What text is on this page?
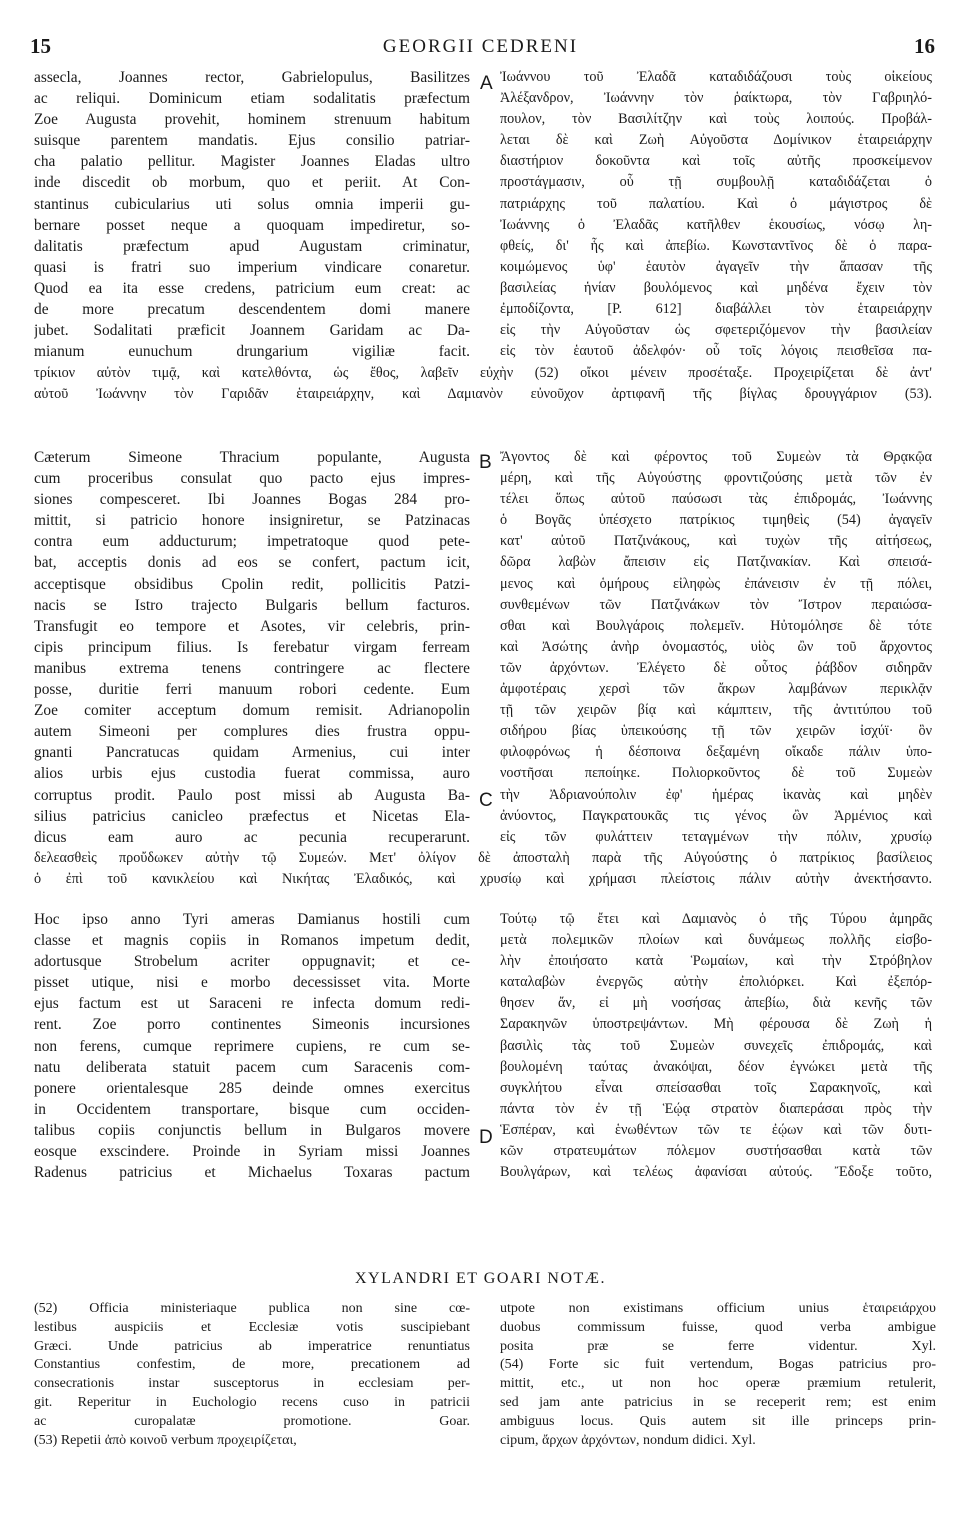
15	GEORGII CEDRENI	16
A
B
C
D
assecla, Joannes rector, Gabrielopulus, Basilitzes
ac reliqui. Dominicum etiam sodalitatis præfectum
Zoe Augusta provehit, hominem strenuum habitum
suisque parentem mandatis. Ejus consilio patriar-
cha palatio pellitur. Magister Joannes Eladas ultro
inde discedit ob morbum, quo et periit. At Con-
stantinus cubicularius uti solus omnia imperii gu-
bernare posset neque a quoquam impediretur, so-
dalitatis præfectum apud Augustam criminatur,
quasi is fratri suo imperium vindicare conaretur.
Quod ea ita esse credens, patricium eum creat: ac
de more precatum descendentem domi manere
jubet. Sodalitati præficit Joannem Garidam ac Da-
mianum eunuchum drungarium vigiliæ facit.
Ἰωάννου τοῦ Ἐλαδᾶ καταδιδάζουσι τοὺς οἰκείους
Ἀλέξανδρον, Ἰωάννην τὸν ῥαίκτωρα, τὸν Γαβριηλό-
πουλον, τὸν Βασιλίτζην καὶ τοὺς λοιπούς. Προβάλ-
λεται δὲ καὶ Ζωὴ Αὐγοῦστα Δομίνικον ἑταιρειάρχην
διαστήριον δοκοῦντα καὶ τοῖς αὐτῆς προσκείμενον
προστάγμασιν, οὗ τῇ συμβουλῇ καταδιδάζεται ὁ
πατριάρχης τοῦ παλατίου. Καὶ ὁ μάγιστρος δὲ
Ἰωάννης ὁ Ἐλαδᾶς κατῆλθεν ἑκουσίως, νόσῳ λη-
φθείς, δι' ἧς καὶ ἀπεβίω. Κωνσταντῖνος δὲ ὁ παρα-
κοιμώμενος ὑφ' ἑαυτὸν ἀγαγεῖν τὴν ἅπασαν τῆς
βασιλείας ἡνίαν βουλόμενος καὶ μηδένα ἔχειν τὸν
ἐμποδίζοντα, [P. 612] διαβάλλει τὸν ἑταιρειάρχην
εἰς τὴν Αὐγοῦσταν ὡς σφετεριζόμενον τὴν βασιλείαν
εἰς τὸν ἑαυτοῦ ἀδελφόν· οὗ τοῖς λόγοις πεισθεῖσα πα-
τρίκιον αὐτὸν τιμᾷ, καὶ κατελθόντα, ὡς ἔθος, λαβεῖν εὐχὴν (52) οἴκοι μένειν προσέταξε. Προχειρίζεται δὲ ἀντ'
αὐτοῦ Ἰωάννην τὸν Γαριδᾶν ἑταιρειάρχην, καὶ Δαμιανὸν εὐνοῦχον ἀρτιφανῆ τῆς βίγλας δρουγγάριον (53).
Cæterum Simeone Thracium populante, Augusta
cum proceribus consulat quo pacto ejus impres-
siones compesceret. Ibi Joannes Bogas 284 pro-
mittit, si patricio honore insigniretur, se Patzinacas
contra eum adducturum; impetratoque quod pete-
bat, acceptis donis ad eos se confert, pactum icit,
acceptisque obsidibus Cpolin redit, pollicitis Patzi-
nacis se Istro trajecto Bulgaris bellum facturos.
Transfugit eo tempore et Asotes, vir celebris, prin-
cipis principum filius. Is ferebatur virgam ferream
manibus extrema tenens contringere ac flectere
posse, duritie ferri manuum robori cedente. Eum
Zoe comiter acceptum domum remisit. Adrianopolin
autem Simeoni per complures dies frustra oppu-
gnanti Pancratucas quidam Armenius, cui inter
alios urbis ejus custodia fuerat commissa, auro
corruptus prodit. Paulo post missi ab Augusta Ba-
silius patricius canicleo præfectus et Nicetas Ela-
dicus eam auro ac pecunia recuperarunt.
Ἄγοντος δὲ καὶ φέροντος τοῦ Συμεὼν τὰ Θρᾳκῷα
μέρη, καὶ τῆς Αὐγούστης φροντιζούσης μετὰ τῶν ἐν
τέλει ὅπως αὐτοῦ παύσωσι τὰς ἐπιδρομάς, Ἰωάννης
ὁ Βογᾶς ὑπέσχετο πατρίκιος τιμηθεὶς (54) ἀγαγεῖν
κατ' αὐτοῦ Πατζινάκους, καὶ τυχὼν τῆς αἰτήσεως,
δῶρα λαβὼν ἄπεισιν εἰς Πατζινακίαν. Καὶ σπεισά-
μενος καὶ ὁμήρους εἰληφὼς ἐπάνεισιν ἐν τῇ πόλει,
συνθεμένων τῶν Πατζινάκων τὸν Ἴστρον περαιώσα-
σθαι καὶ Βουλγάροις πολεμεῖν. Ηὐτομόλησε δὲ τότε
καὶ Ἀσώτης ἀνὴρ ὀνομαστός, υἱὸς ὢν τοῦ ἄρχοντος
τῶν ἀρχόντων. Ἐλέγετο δὲ οὗτος ῥάβδον σιδηρᾶν
ἀμφοτέραις χερσὶ τῶν ἄκρων λαμβάνων περικλᾷν
τῇ τῶν χειρῶν βίᾳ καὶ κάμπτειν, τῆς ἀντιτύπου τοῦ
σιδήρου βίας ὑπεικούσης τῇ τῶν χειρῶν ἰσχύϊ· ὃν
φιλοφρόνως ἡ δέσποινα δεξαμένη οἴκαδε πάλιν ὑπο-
νοστῆσαι πεποίηκε. Πολιορκοῦντος δὲ τοῦ Συμεὼν
τὴν Ἀδριανούπολιν ἐφ' ἡμέρας ἱκανὰς καὶ μηδὲν
ἀνύοντος, Παγκρατουκᾶς τις γένος ὢν Ἀρμένιος καὶ
εἰς τῶν φυλάττειν τεταγμένων τὴν πόλιν, χρυσίῳ
δελεασθεὶς προὔδωκεν αὐτὴν τῷ Συμεών. Μετ' ὀλίγον δὲ ἀποσταλὴ παρὰ τῆς Αὐγούστης ὁ πατρίκιος βασίλειος
ὁ ἐπὶ τοῦ κανικλείου καὶ Νικήτας Ἐλαδικός, καὶ χρυσίῳ καὶ χρήμασι πλείστοις πάλιν αὐτὴν ἀνεκτήσαντο.
Hoc ipso anno Tyri ameras Damianus hostili cum
classe et magnis copiis in Romanos impetum dedit,
adortusque Strobelum acriter oppugnavit; et ce-
pisset utique, nisi e morbo decessisset vita. Morte
ejus factum est ut Saraceni re infecta domum redi-
rent. Zoe porro continentes Simeonis incursiones
non ferens, cumque reprimere cupiens, re cum se-
natu deliberata statuit pacem cum Saracenis com-
ponere orientalesque 285 deinde omnes exercitus
in Occidentem transportare, bisque cum occiden-
talibus copiis conjunctis bellum in Bulgaros movere
eosque exscindere. Proinde in Syriam missi Joannes
Radenus patricius et Michaelus Toxaras pactum
Τούτῳ τῷ ἔτει καὶ Δαμιανὸς ὁ τῆς Τύρου ἀμηρᾶς
μετὰ πολεμικῶν πλοίων καὶ δυνάμεως πολλῆς εἰσβο-
λὴν ἐποιήσατο κατὰ Ῥωμαίων, καὶ τὴν Στρόβηλον
καταλαβὼν ἐνεργῶς αὐτὴν ἐπολιόρκει. Καὶ ἐξεπόρ-
θησεν ἄν, εἰ μὴ νοσήσας ἀπεβίω, διὰ κενῆς τῶν
Σαρακηνῶν ὑποστρεψάντων. Μὴ φέρουσα δὲ Ζωὴ ἡ
βασιλὶς τὰς τοῦ Συμεὼν συνεχεῖς ἐπιδρομάς, καὶ
βουλομένη ταύτας ἀνακόψαι, δέον ἐγνώκει μετὰ τῆς
συγκλήτου εἶναι σπείσασθαι τοῖς Σαρακηνοῖς, καὶ
πάντα τὸν ἐν τῇ Ἑῴᾳ στρατὸν διαπεράσαι πρὸς τὴν
Ἑσπέραν, καὶ ἑνωθέντων τῶν τε ἐῴων καὶ τῶν δυτι-
κῶν στρατευμάτων πόλεμον συστήσασθαι κατὰ τῶν
Βουλγάρων, καὶ τελέως ἀφανίσαι αὐτούς. Ἔδοξε τοῦτο,
XYLANDRI ET GOARI NOTÆ.
(52) Officia ministeriaque publica non sine cœ-
lestibus auspiciis et Ecclesiæ votis suscipiebant
Græci. Unde patricius ab imperatrice renuntiatus
Constantius confestim, de more, precationem ad
consecrationis instar susceptorus in ecclesiam per-
git. Reperitur in Euchologio recens cuso in patricii
ac curopalatæ promotione. Goar.
(53) Repetii ἀπὸ κοινοῦ verbum προχειρίζεται,
utpote non existimans officium unius ἑταιρειάρχου
duobus commissum fuisse, quod verba ambigue
posita præ se ferre videntur. Xyl.
(54) Forte sic fuit vertendum, Bogas patricius pro-
mittit, etc., ut non hoc operæ præmium retulerit,
sed jam ante patricius in se receperit rem; est enim
ambiguus locus. Quis autem sit ille princeps prin-
cipum, ἄρχων ἀρχόντων, nondum didici. Xyl.
